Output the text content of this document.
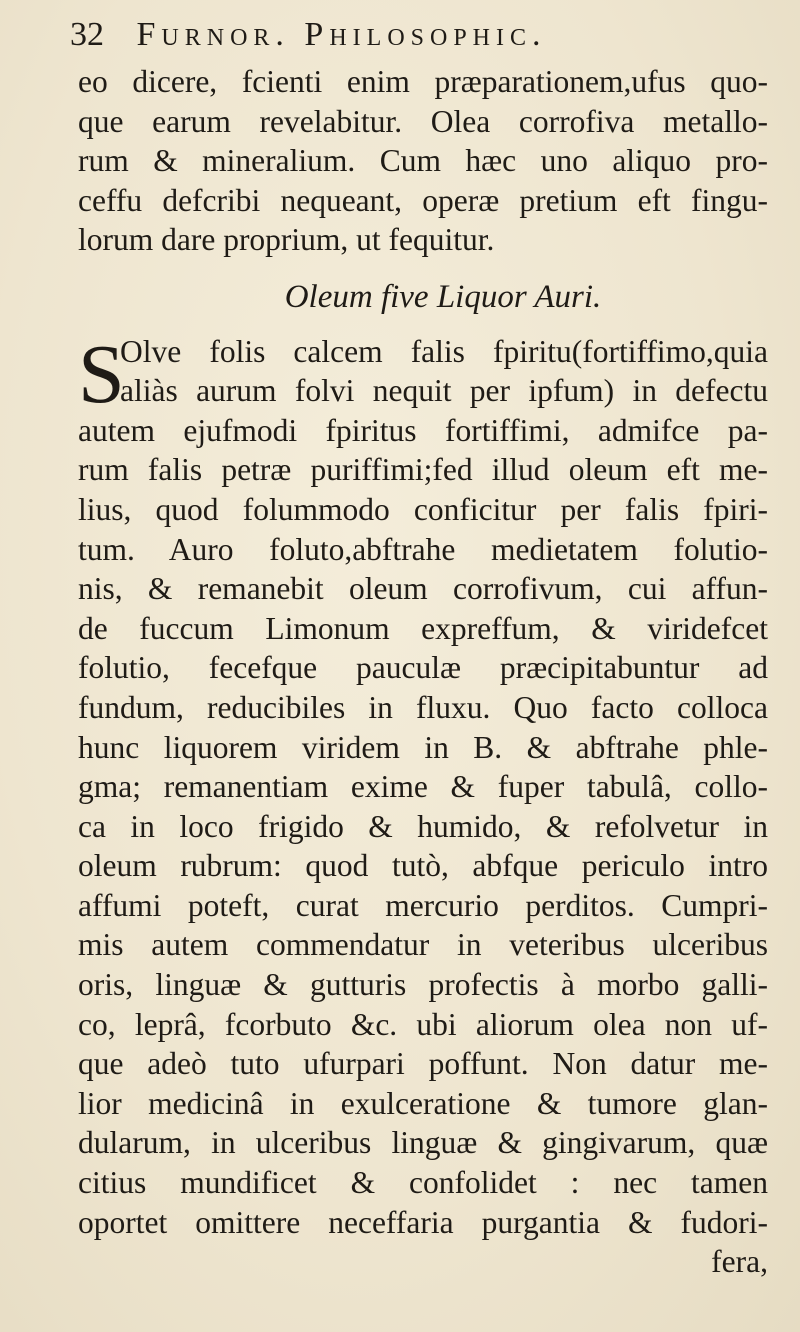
32 Furnor. Philosophic.
eo dicere, fcienti enim præparationem,ufus quo-
que earum revelabitur. Olea corrofiva metallo-
rum & mineralium. Cum hæc uno aliquo pro-
ceffu defcribi nequeant, operæ pretium eft fingu-
lorum dare proprium, ut fequitur.
Oleum five Liquor Auri.
S
Olve folis calcem falis fpiritu(fortiffimo,quia
aliàs aurum folvi nequit per ipfum) in defectu
autem ejufmodi fpiritus fortiffimi, admifce pa-
rum falis petræ puriffimi;fed illud oleum eft me-
lius, quod folummodo conficitur per falis fpiri-
tum. Auro foluto,abftrahe medietatem folutio-
nis, & remanebit oleum corrofivum, cui affun-
de fuccum Limonum expreffum, & viridefcet
folutio, fecefque pauculæ præcipitabuntur ad
fundum, reducibiles in fluxu. Quo facto colloca
hunc liquorem viridem in B. & abftrahe phle-
gma; remanentiam exime & fuper tabulâ, collo-
ca in loco frigido & humido, & refolvetur in
oleum rubrum: quod tutò, abfque periculo intro
affumi poteft, curat mercurio perditos. Cumpri-
mis autem commendatur in veteribus ulceribus
oris, linguæ & gutturis profectis à morbo galli-
co, leprâ, fcorbuto &c. ubi aliorum olea non uf-
que adeò tuto ufurpari poffunt. Non datur me-
lior medicinâ in exulceratione & tumore glan-
dularum, in ulceribus linguæ & gingivarum, quæ
citius mundificet & confolidet : nec tamen
oportet omittere neceffaria purgantia & fudori-
fera,
